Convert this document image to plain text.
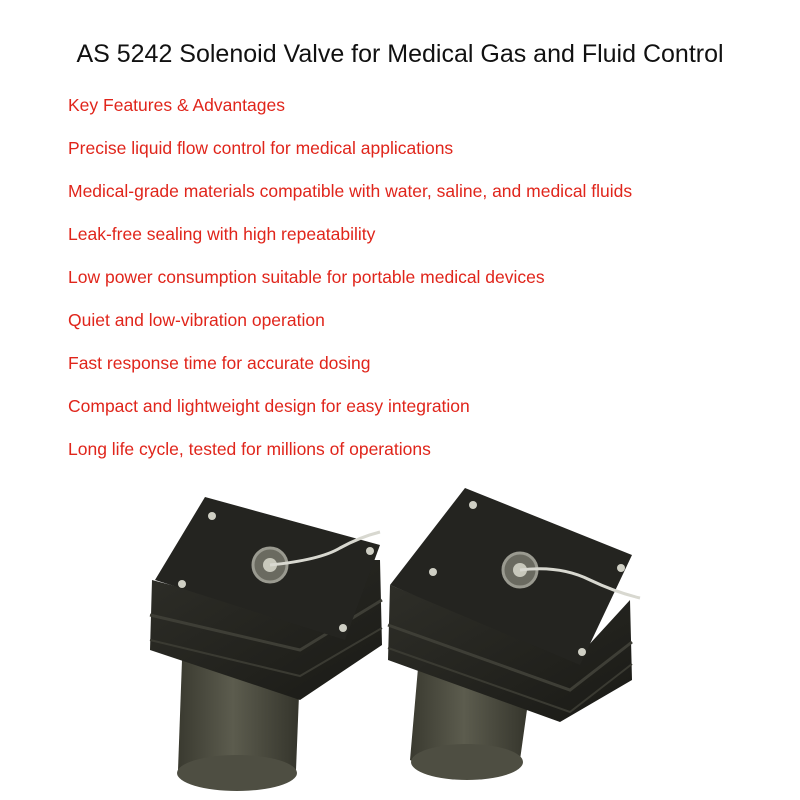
AS 5242 Solenoid Valve for Medical Gas and Fluid Control
Key Features & Advantages
Precise liquid flow control for medical applications
Medical-grade materials compatible with water, saline, and medical fluids
Leak-free sealing with high repeatability
Low power consumption suitable for portable medical devices
Quiet and low-vibration operation
Fast response time for accurate dosing
Compact and lightweight design for easy integration
Long life cycle, tested for millions of operations
